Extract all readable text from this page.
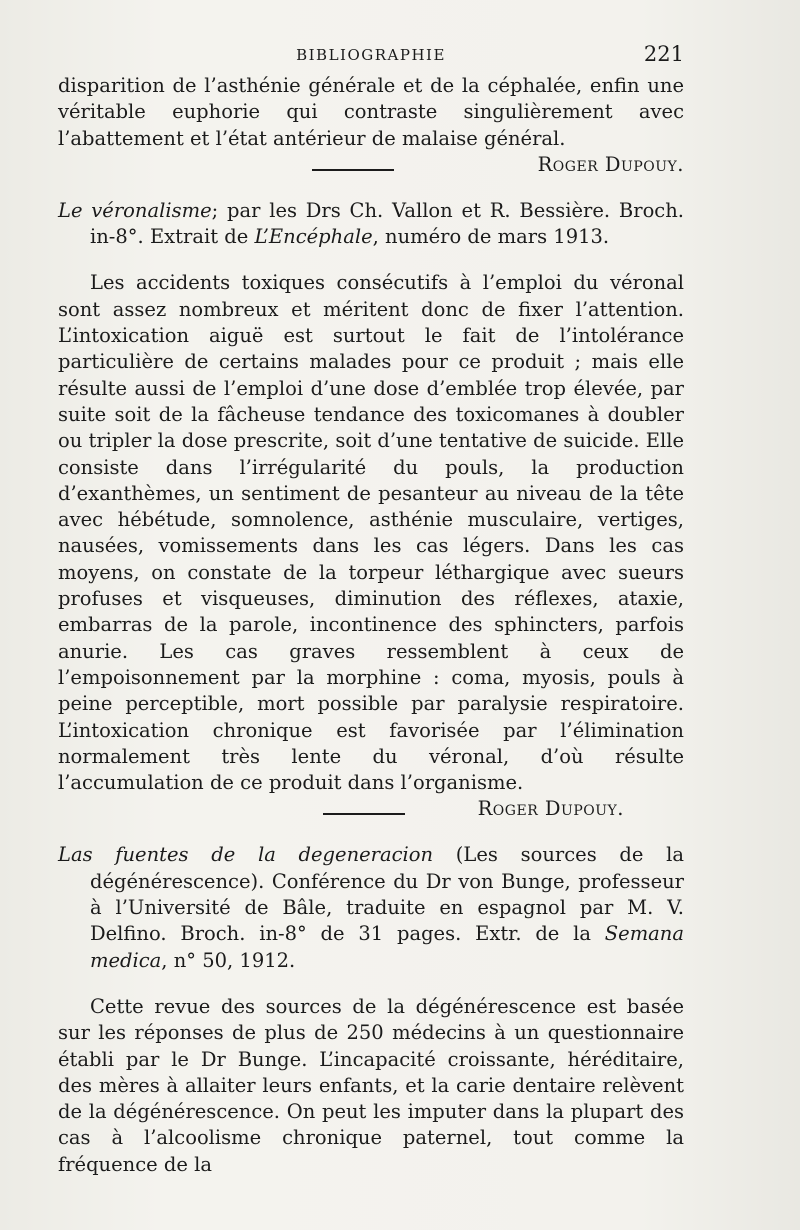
BIBLIOGRAPHIE	221

disparition de l’asthénie générale et de la céphalée, enfin une véritable euphorie qui contraste singulièrement avec l’abattement et l’état antérieur de malaise général.

Roger Dupouy.

Le véronalisme; par les Drs Ch. Vallon et R. Bessière. Broch. in-8°. Extrait de L’Encéphale, numéro de mars 1913.

Les accidents toxiques consécutifs à l’emploi du véronal sont assez nombreux et méritent donc de fixer l’attention. L’intoxication aiguë est surtout le fait de l’intolérance particulière de certains malades pour ce produit ; mais elle résulte aussi de l’emploi d’une dose d’emblée trop élevée, par suite soit de la fâcheuse tendance des toxicomanes à doubler ou tripler la dose prescrite, soit d’une tentative de suicide. Elle consiste dans l’irrégularité du pouls, la production d’exanthèmes, un sentiment de pesanteur au niveau de la tête avec hébétude, somnolence, asthénie musculaire, vertiges, nausées, vomissements dans les cas légers. Dans les cas moyens, on constate de la torpeur léthargique avec sueurs profuses et visqueuses, diminution des réflexes, ataxie, embarras de la parole, incontinence des sphincters, parfois anurie. Les cas graves ressemblent à ceux de l’empoisonnement par la morphine : coma, myosis, pouls à peine perceptible, mort possible par paralysie respiratoire. L’intoxication chronique est favorisée par l’élimination normalement très lente du véronal, d’où résulte l’accumulation de ce produit dans l’organisme.

Roger Dupouy.

Las fuentes de la degeneracion (Les sources de la dégénérescence). Conférence du Dr von Bunge, professeur à l’Université de Bâle, traduite en espagnol par M. V. Delfino. Broch. in-8° de 31 pages. Extr. de la Semana medica, n° 50, 1912.

Cette revue des sources de la dégénérescence est basée sur les réponses de plus de 250 médecins à un questionnaire établi par le Dr Bunge. L’incapacité croissante, héréditaire, des mères à allaiter leurs enfants, et la carie dentaire relèvent de la dégénérescence. On peut les imputer dans la plupart des cas à l’alcoolisme chronique paternel, tout comme la fréquence de la
